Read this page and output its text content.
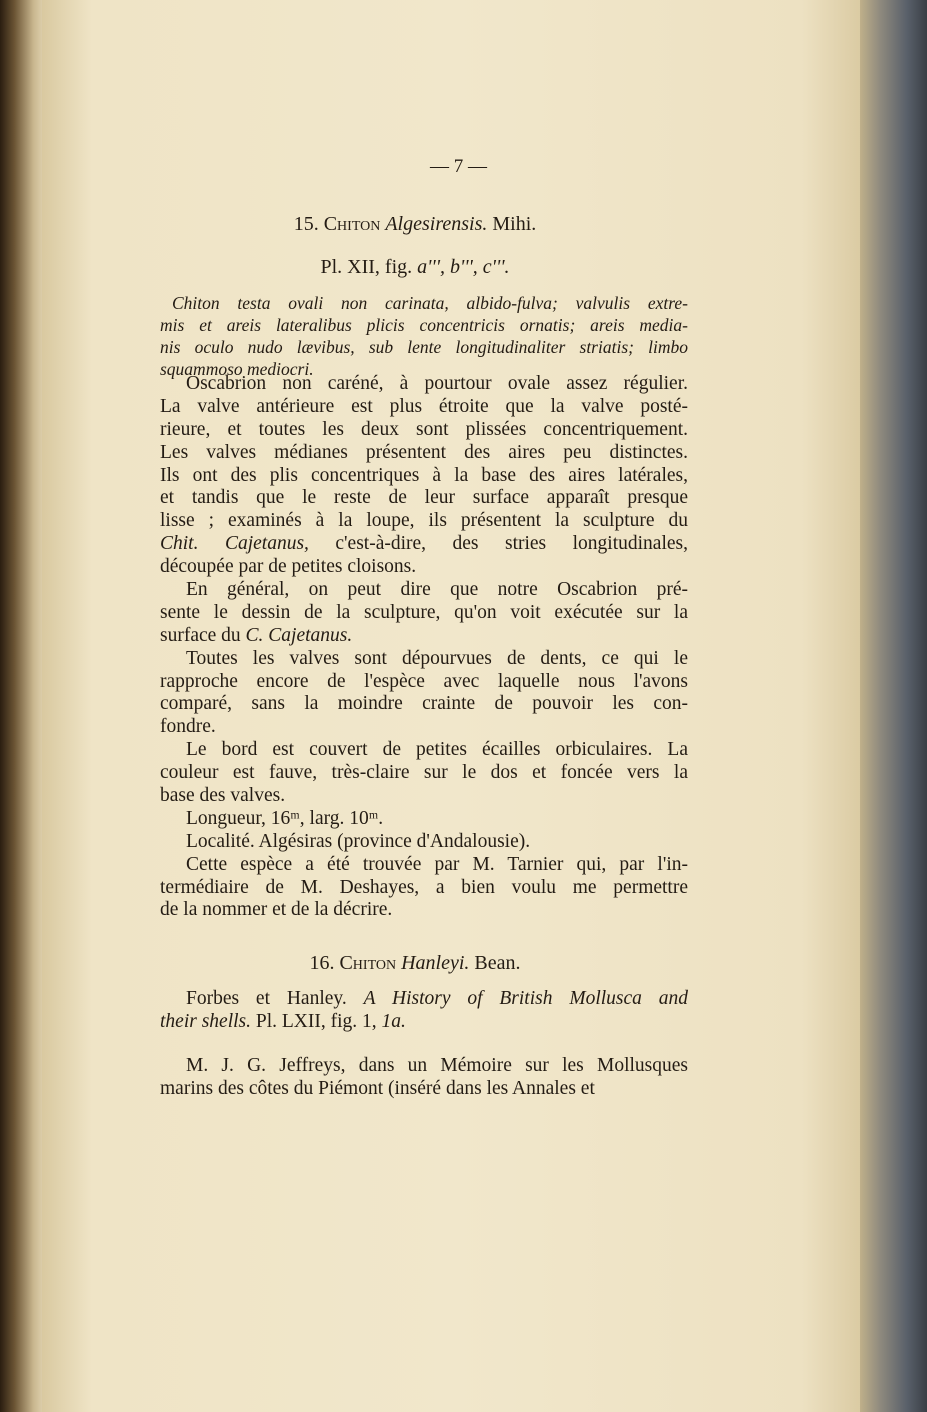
— 7 —
15. Chiton Algesirensis. Mihi.
Pl. XII, fig. a''', b''', c'''.
Chiton testa ovali non carinata, albido-fulva; valvulis extre-
mis et areis lateralibus plicis concentricis ornatis; areis media-
nis oculo nudo lævibus, sub lente longitudinaliter striatis; limbo
squammoso mediocri.
Oscabrion non caréné, à pourtour ovale assez régulier.
La valve antérieure est plus étroite que la valve posté-
rieure, et toutes les deux sont plissées concentriquement.
Les valves médianes présentent des aires peu distinctes.
Ils ont des plis concentriques à la base des aires latérales,
et tandis que le reste de leur surface apparaît presque
lisse ; examinés à la loupe, ils présentent la sculpture du
Chit. Cajetanus, c'est-à-dire, des stries longitudinales,
découpée par de petites cloisons.
En général, on peut dire que notre Oscabrion pré-
sente le dessin de la sculpture, qu'on voit exécutée sur la
surface du C. Cajetanus.
Toutes les valves sont dépourvues de dents, ce qui le
rapproche encore de l'espèce avec laquelle nous l'avons
comparé, sans la moindre crainte de pouvoir les con-
fondre.
Le bord est couvert de petites écailles orbiculaires. La
couleur est fauve, très-claire sur le dos et foncée vers la
base des valves.
Longueur, 16ᵐ, larg. 10ᵐ.
Localité. Algésiras (province d'Andalousie).
Cette espèce a été trouvée par M. Tarnier qui, par l'in-
termédiaire de M. Deshayes, a bien voulu me permettre
de la nommer et de la décrire.
16. Chiton Hanleyi. Bean.
Forbes et Hanley. A History of British Mollusca and
their shells. Pl. LXII, fig. 1, 1a.
M. J. G. Jeffreys, dans un Mémoire sur les Mollusques
marins des côtes du Piémont (inséré dans les Annales et
